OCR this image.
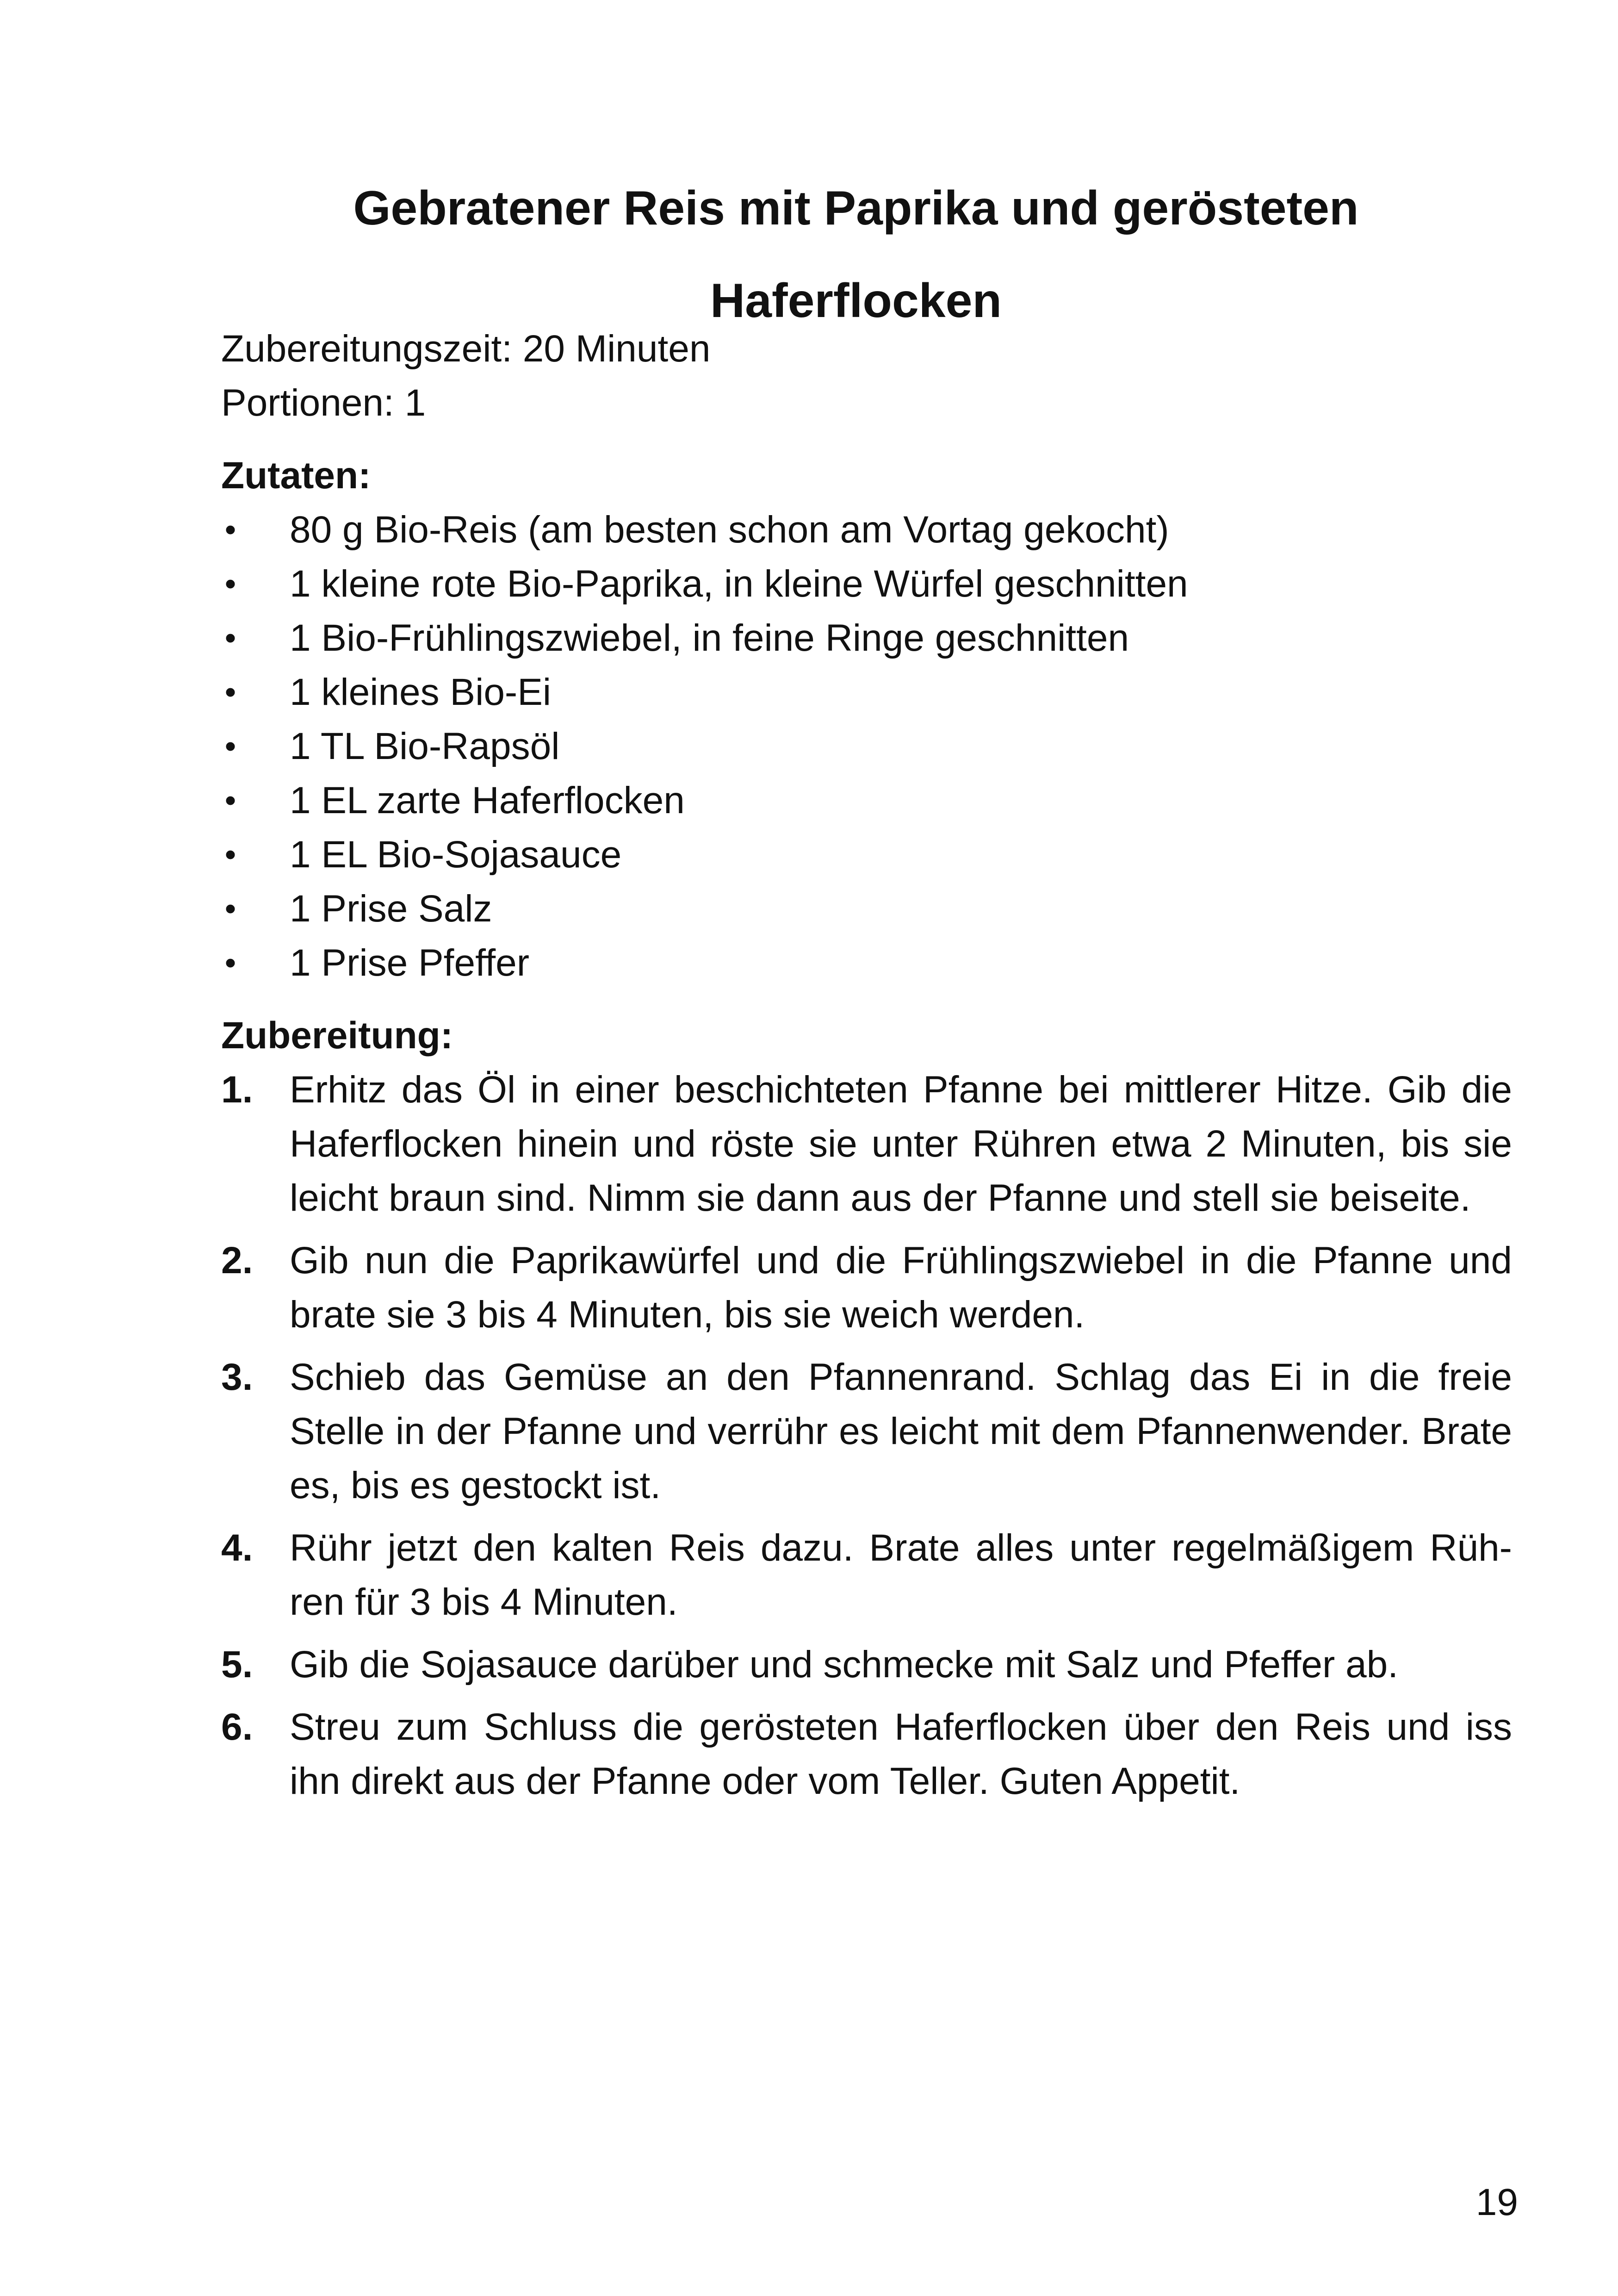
Gebratener Reis mit Paprika und gerösteten
Haferflocken

Zubereitungszeit: 20 Minuten

Portionen: 1

Zutaten:

• 80 g Bio-Reis (am besten schon am Vortag gekocht)
• 1 kleine rote Bio-Paprika, in kleine Würfel geschnitten
• 1 Bio-Frühlingszwiebel, in feine Ringe geschnitten
• 1 kleines Bio-Ei
• 1 TL Bio-Rapsöl
• 1 EL zarte Haferflocken
• 1 EL Bio-Sojasauce
• 1 Prise Salz
• 1 Prise Pfeffer

Zubereitung:

1. Erhitz das Öl in einer beschichteten Pfanne bei mittlerer Hitze. Gib die Haferflocken hinein und röste sie unter Rühren etwa 2 Minuten, bis sie leicht braun sind. Nimm sie dann aus der Pfanne und stell sie beiseite.
2. Gib nun die Paprikawürfel und die Frühlingszwiebel in die Pfanne und brate sie 3 bis 4 Minuten, bis sie weich werden.
3. Schieb das Gemüse an den Pfannenrand. Schlag das Ei in die freie Stelle in der Pfanne und verrühr es leicht mit dem Pfannenwender. Brate es, bis es gestockt ist.
4. Rühr jetzt den kalten Reis dazu. Brate alles unter regelmäßigem Rüh-ren für 3 bis 4 Minuten.
5. Gib die Sojasauce darüber und schmecke mit Salz und Pfeffer ab.
6. Streu zum Schluss die gerösteten Haferflocken über den Reis und iss ihn direkt aus der Pfanne oder vom Teller. Guten Appetit.
19
